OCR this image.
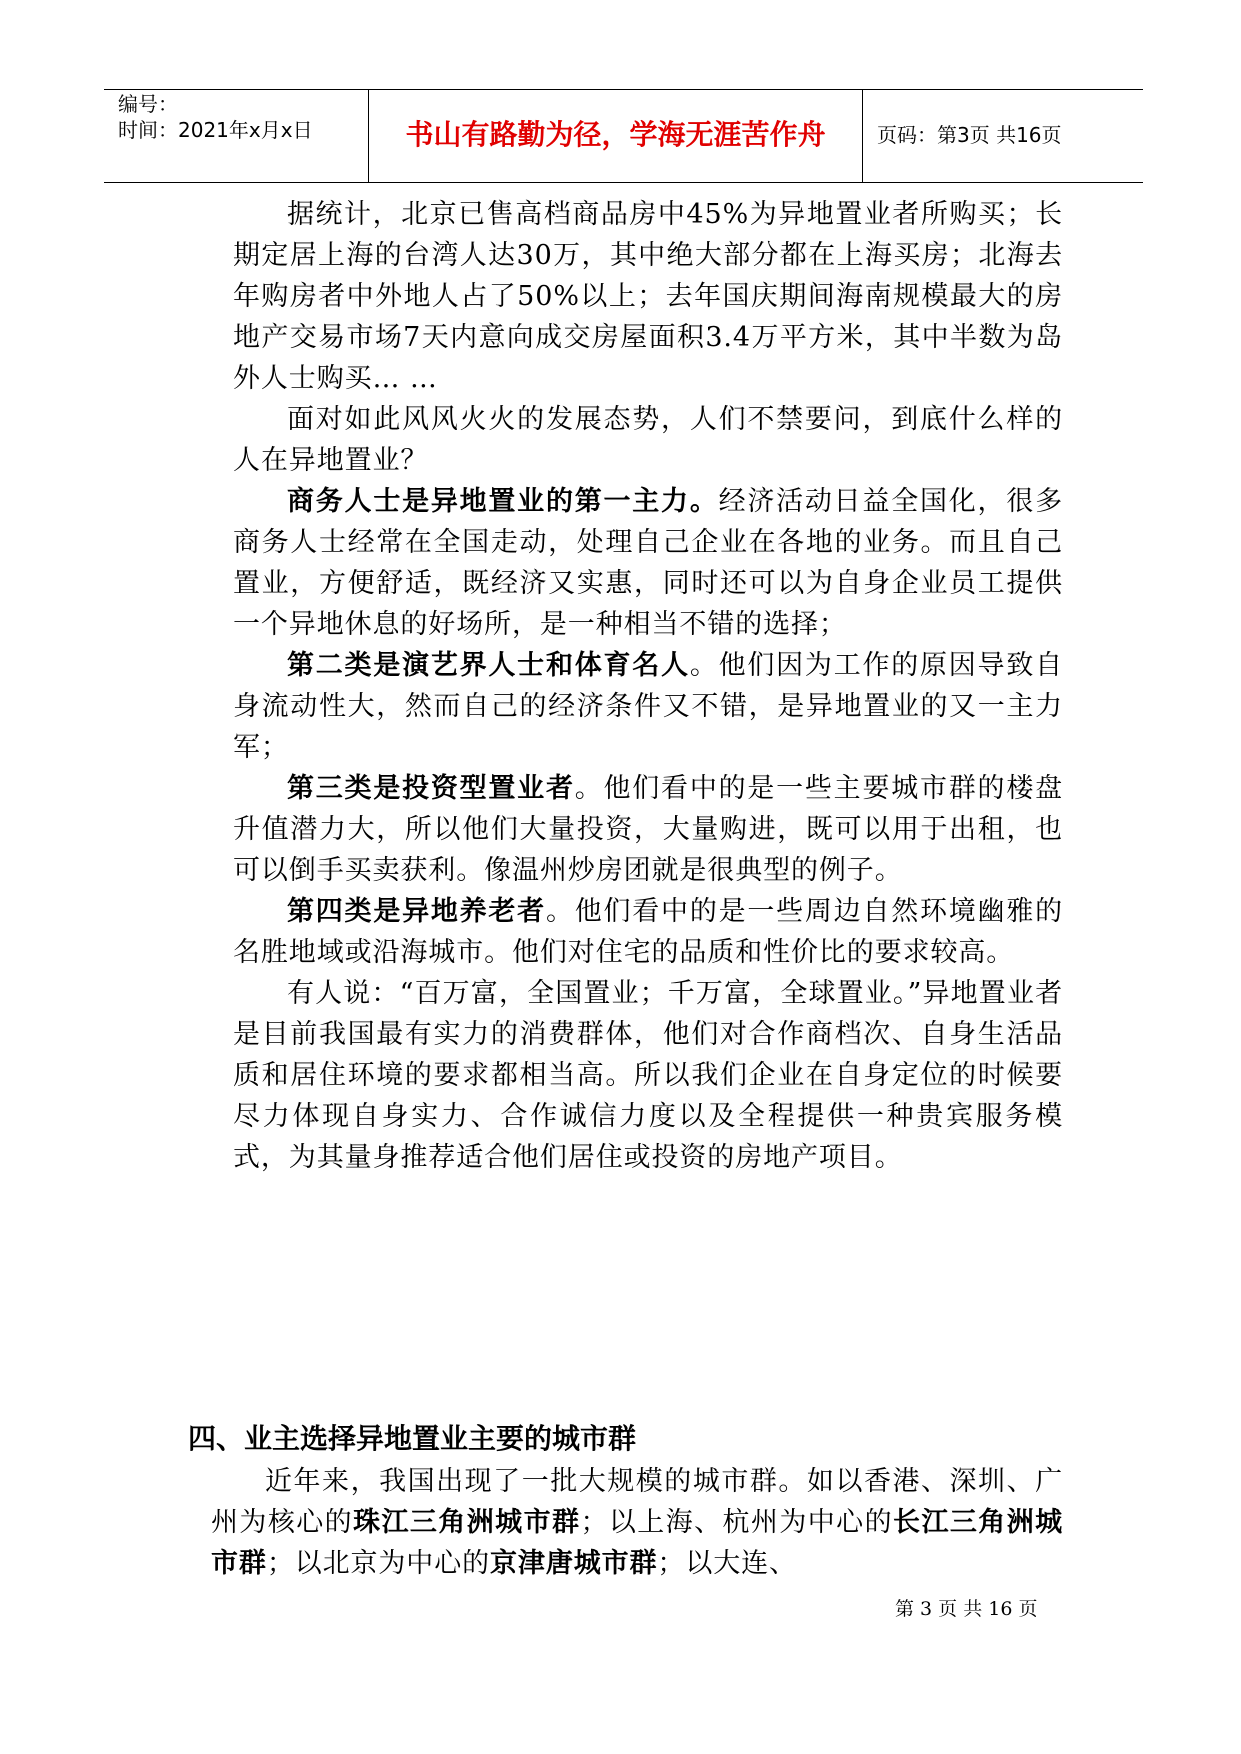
编号：
时间：2021年x月x日	书山有路勤为径，学海无涯苦作舟	页码：第3页 共16页

据统计，北京已售高档商品房中45%为异地置业者所购买；长期定居上海的台湾人达30万，其中绝大部分都在上海买房；北海去年购房者中外地人占了50%以上；去年国庆期间海南规模最大的房地产交易市场7天内意向成交房屋面积3.4万平方米，其中半数为岛外人士购买… …

面对如此风风火火的发展态势，人们不禁要问，到底什么样的人在异地置业？

商务人士是异地置业的第一主力。经济活动日益全国化，很多商务人士经常在全国走动，处理自己企业在各地的业务。而且自己置业，方便舒适，既经济又实惠，同时还可以为自身企业员工提供一个异地休息的好场所，是一种相当不错的选择；

第二类是演艺界人士和体育名人。他们因为工作的原因导致自身流动性大，然而自己的经济条件又不错，是异地置业的又一主力军；

第三类是投资型置业者。他们看中的是一些主要城市群的楼盘升值潜力大，所以他们大量投资，大量购进，既可以用于出租，也可以倒手买卖获利。像温州炒房团就是很典型的例子。

第四类是异地养老者。他们看中的是一些周边自然环境幽雅的名胜地域或沿海城市。他们对住宅的品质和性价比的要求较高。

有人说：“百万富，全国置业；千万富，全球置业。”异地置业者是目前我国最有实力的消费群体，他们对合作商档次、自身生活品质和居住环境的要求都相当高。所以我们企业在自身定位的时候要尽力体现自身实力、合作诚信力度以及全程提供一种贵宾服务模式，为其量身推荐适合他们居住或投资的房地产项目。

四、业主选择异地置业主要的城市群

近年来，我国出现了一批大规模的城市群。如以香港、深圳、广州为核心的珠江三角洲城市群；以上海、杭州为中心的长江三角洲城市群；以北京为中心的京津唐城市群；以大连、

第 3 页 共 16 页
